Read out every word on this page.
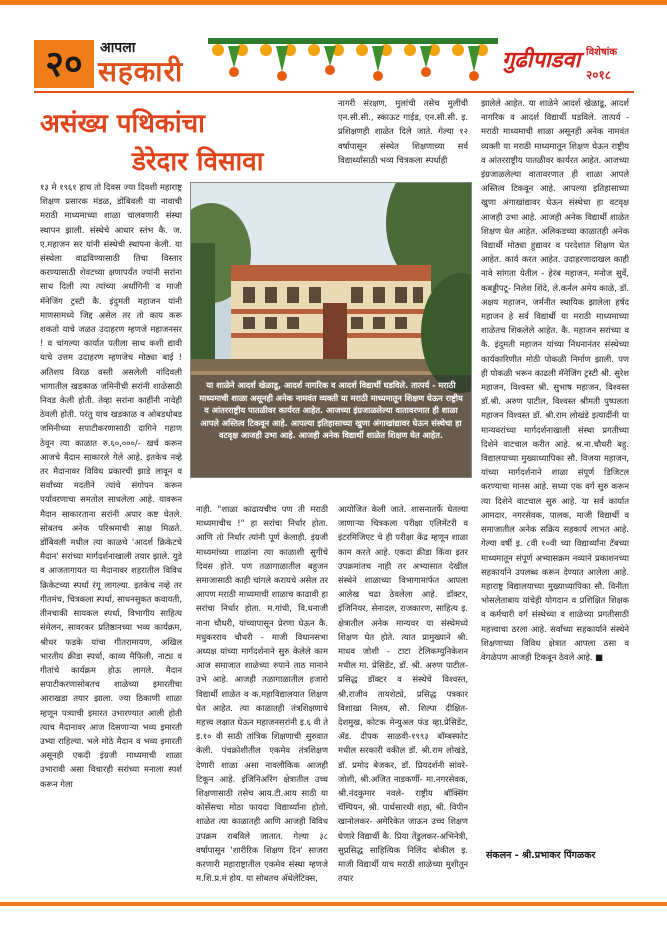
२०	आपला
सहकारी	गुढीपाडवा विशेषांक
२०१८
असंख्य पथिकांचा
डेरेदार विसावा

नागरी संरक्षण, मुलांची तसेच मुलींची एन.सी.सी., स्काऊट गाईड, एन.सी.सी. इ. प्रशिक्षणही शाळेत दिले जाते. गेल्या १२ वर्षापासून संस्थेत शिक्षणाच्या सर्व विद्यार्थ्यांसाठी भव्य चित्रकला स्पर्धाही

या शाळेने आदर्श खेळाडू, आदर्श नागरिक व आदर्श विद्यार्थी घडविले. तात्पर्य - मराठी माध्यमाची शाळा असूनही अनेक नामवंत व्यक्ती या मराठी माध्यमातून शिक्षण घेऊन राष्ट्रीय व आंतरराष्ट्रीय पातळीवर कार्यरत आहेत. आजच्या इंग्रजाळलेल्या वातावरणात ही शाळा आपले अस्तित्व टिकवून आहे. आपल्या इतिहासाच्या खुणा अंगाखांद्यावर घेऊन संस्थेचा हा वटवृक्ष आजही उभा आहे. आजही अनेक विद्यार्थी शाळेत शिक्षण घेत आहेत.

१३ मे १९६१ हाच तो दिवस ज्या दिवशी महाराष्ट्र शिक्षण प्रसारक मंडळ, डोंबिवली या नावाची मराठी माध्यमाच्या शाळा चालवणारी संस्था स्थापन झाली. संस्थेचे आधार स्तंभ कै. ज. ए.महाजन सर यांनी संस्थेची स्थापना केली. या संस्थेला वाढविण्यासाठी तिचा विस्तार करण्यासाठी शेवटच्या क्षणापर्यंत ज्यांनी सरांना साथ दिली त्या त्यांच्या अर्धांगिनी व माजी मॅनेजिंग ट्रस्टी कै. इंदुमती महाजन यांनी माणसामध्ये जिद्द असेल तर तो काय करू शकतो याचे जळत उदाहरण म्हणजे महाजनसर ! व चांगल्या कार्यात पतीला साथ कशी द्यावी याचे उत्तम उदाहरण म्हणजेच मोठ्या बाई ! अतिशय विरळ वस्ती असलेली नांदिवली भागातील खडकाळ जमिनीची सरांनी शाळेसाठी निवड केली होती. तेव्हा सरांना काहींनी नावेही ठेवली होती. परंतु याच खडकाळ व ओबडधोबड जमिनीच्या सपाटीकरणासाठी दागिने गहाण ठेवून त्या काळात रु.६०,०००/- खर्च करून आजचे मैदान साकारले गेले आहे. इतकेच नव्हे तर मैदानावर विविध प्रकारची झाडे लावून व सर्वांच्या मदतीने त्यांचे संगोपन करून पर्यावरणाचा समतोल साधलेला आहे. यावरून मैदान साकारताना सरांनी अपार कष्ट घेतले. सोबतच अनेक परिश्रमाची साक्ष मिळते. डोंबिवली मधील त्या काळचे 'आदर्श क्रिकेटचे मैदान' सरांच्या मार्गदर्शनाखाली तयार झाले. युडे व आजतागायत या मैदानावर शहरातील विविध क्रिकेटच्या स्पर्धा रंगू लागल्या. इतकेच नव्हे तर गीतमंच, चित्रकला स्पर्धा, साधनसुकत कवायती, तीनचाकी सायकल स्पर्धा, विभागीय साहित्य संमेलन, सावरकर प्रतिष्ठानच्या भव्य कार्यक्रम, श्रीधर फडके यांचा गीतरामायण, अखिल भारतीय क्रीडा स्पर्धा, काव्य मैफिली, नाट्य व गीतांचे कार्यक्रम होऊ लागले. मैदान सपाटीकरणासोबतच शाळेच्या इमारतीचा आराखडा तयार झाला. ज्या ठिकाणी शाळा म्हणून पत्र्याची इमारत उभारण्यात आली होती त्याच मैदानावर आज दिसणाऱ्या भव्य इमारती उभ्या राहिल्या. भले मोठे मैदान व भव्य इमारती असूनही एकदी इंग्रजी माध्यमाची शाळा उभारावी असा विचारही सरांच्या मनाला स्पर्श करून गेला

नाही. "शाळा काढायचीच पण ती मराठी माध्यमाचीच !" हा सरांचा निर्धार होता. आणि तो निर्धार त्यांनी पूर्ण केलाही. इंग्रजी माध्यमांच्या शाळांना त्या काळाशी सुगीचे दिवस होते. पण तळागाळातील बहुजन समाजासाठी काही चांगले करायचे असेल तर आपण मराठी माध्यमाची शाळाच काढावी हा सरांचा निर्धार होता. म.गांधी, वि.धनाजी नाना चौधरी, यांच्यापासून प्रेरणा घेऊन कै. मधुकरराव चौधरी - माजी विधानसभा अध्यक्ष यांच्या मार्गदर्शनाने सुरु केलेले काम आज समाजात शाळेच्या रुपाने ताठ मानाने उभे आहे. आजही तळागाळातील हजारो विद्यार्थी शाळेत व क.महाविद्यालयात शिक्षण घेत आहेत. त्या काळातही तंत्रशिक्षणाचे महत्त्व लक्षात घेऊन महाजनसरांनी इ.६ वी ते इ.१० वी साठी तांत्रिक शिक्षणाची सुरुवात केली. पंचक्रोशीतील एकमेव तंत्रशिक्षण देणारी शाळा असा नावलौकिक आजही टिकून आहे. इंजिनिअरिंग क्षेत्रातील उच्च शिक्षणासाठी तसेच आय.टी.आय साठी या कोर्सेसचा मोठा फायदा विद्यार्थ्यांना होतो. शाळेत त्या काळातही आणि आजही विविध उपक्रम राबविले जातात. गेल्या ३८ वर्षापासून 'शारीरिक शिक्षण दिन' साजरा करणारी महाराष्ट्रातील एकमेव संस्था म्हणजे म.शि.प्र.मं होय. या सोबतच ॲथेलेटिक्स,

आयोजित केली जाते. शासनातर्फे घेतल्या जाणाऱ्या चित्रकला परीक्षा एलिमेंटरी व इंटरमिजिएट चे ही परीक्षा केंद्र म्हणून शाळा काम करते आहे. एकदा क्रीडा किंवा इतर उपक्रमांतच नाही तर अभ्यासात देखील संस्थेने शाळाच्या विभागामार्फत आपला आलेख चढा ठेवलेला आहे. डॉक्टर, इंजिनियर, सेनादल, राजकारण, साहित्य इ. क्षेत्रातील अनेक मान्यवर या संस्थेमध्ये शिक्षण घेत होते. त्यात प्रामुख्याने श्री. माधव जोशी - टाटा टेलिकम्युनिकेशन मधील मा. प्रेसिडेंट, डॉ. श्री. अरुण पाटील- प्रसिद्ध डॉक्टर व संस्थेचे विश्वस्त, श्री.राजीव तायशेट्ये, प्रसिद्ध पत्रकार विशाखा निलय, सौ. शिल्पा दीक्षित-देशमुख, कोटक मेन्युअल फंड व्हा.प्रेसिडेंट, ॲड. दीपक साळवी-१९९३ बॉम्बस्फोट मधील सरकारी वकील डॉ. श्री.राम लोखंडे, डॉ. प्रमोद बेजकर, डॉ. प्रियदर्शनी सांवरे- जोशी, श्री.अजित नाडकर्णी- मा.नगरसेवक, श्री.नंदकुमार नवले- राष्ट्रीय बॉक्सिंग चॅम्पियन, श्री. पार्थसारथी शहा, श्री. विपीन खानोलकर- अमेरिकेत जाऊन उच्च शिक्षण घेणारे विद्यार्थी कै. प्रिया तेंडुलकर-अभिनेत्री, सुप्रसिद्ध साहित्यिक निलिंद बोकील इ. माजी विद्यार्थी याच मराठी शाळेच्या मुशीतून तयार

झालेले आहेत. या शाळेने आदर्श खेळाडू, आदर्श नागरिक व आदर्श विद्यार्थी घडविले. तात्पर्य - मराठी माध्यमाची शाळा असूनही अनेक नामवंत व्यक्ती या मराठी माध्यमातून शिक्षण घेऊन राष्ट्रीय व आंतरराष्ट्रीय पातळीवर कार्यरत आहेत. आजच्या इंग्रजाळलेल्या वातावरणात ही शाळा आपले अस्तित्व टिकवून आहे. आपल्या इतिहासाच्या खुणा अंगाखांद्यावर घेऊन संस्थेचा हा वटवृक्ष आजही उभा आहे. आजही अनेक विद्यार्थी शाळेत शिक्षण घेत आहेत. अलिकडच्या काळातही अनेक विद्यार्थी मोठ्या हुद्यावर व परदेशात शिक्षण घेत आहेत. कार्य करत आहेत. उदाहरणादाखल काही नावे सांगता येतील - हेरंब महाजन, मनोज सुर्वे, कबड्डीपटू- निलेश शिंदे, ले.कर्नल अमेय काळे, डॉ. अक्षय महाजन, जर्मनीत स्थायिक झालेला हर्षद महाजन हे सर्व विद्यार्थी या मराठी माध्यमाच्या शाळेतच शिकलेले आहेत. कै. महाजन सरांच्या व कै. इंदुमती महाजन यांच्या निधनानंतर संस्थेच्या कार्यकारिणीत मोठी पोकळी निर्माण झाली. पण ही पोकळी भरून काढली मॅनेजिंग ट्रस्टी श्री. सुरेश महाजन, विश्वस्त श्री. सुभाष महाजन, विश्वस्त डॉ.श्री. अरुण पाटील, विश्वस्त श्रीमती पुष्पलता महाजन विश्वस्त डॉ. श्री.राम लोखंडे इत्यादींनी या मान्यवरांच्या मार्गदर्शनाखाली संस्था प्रगतीच्या दिशेने वाटचाल करीत आहे. श्र.ना.चौधरी बहु. विद्यालयाच्या मुख्याध्यापिका सौ. विजया महाजन, यांच्या मार्गदर्शनाने शाळा संपूर्ण डिजिटल करण्याचा मानस आहे. सध्या एक वर्ग सुरु करून त्या दिशेने वाटचाल सुरु आहे. या सर्व कार्यात आमदार, नगरसेवक, पालक, माजी विद्यार्थी व समाजातील अनेक सक्रिय सहकार्य लाभत आहे. गेल्या वर्षी इ. ८वी १०वी च्या विद्यार्थ्यांना टॅबच्या माध्यमातून संपूर्ण अभ्यासक्रम नव्याने प्रकाशनच्या सहकार्याने उपलब्ध करून देण्यात आलेला आहे. महाराष्ट्र विद्यालयाच्या मुख्याध्यापिका सौ. विनीता भोसलेताबाय यांचेही योगदान व प्रशिक्षित शिक्षक व कर्मचारी वर्ग संस्थेच्या व शाळेच्या प्रगतीसाठी महत्त्वाचा ठरला आहे. सर्वांच्या सहकार्याने संस्थेने शिक्षणाच्या विविध क्षेत्रात आपला ठसा व वेगळेपण आजही टिकवून ठेवले आहे. ■

संकलन - श्री.प्रभाकर पिंगळकर
